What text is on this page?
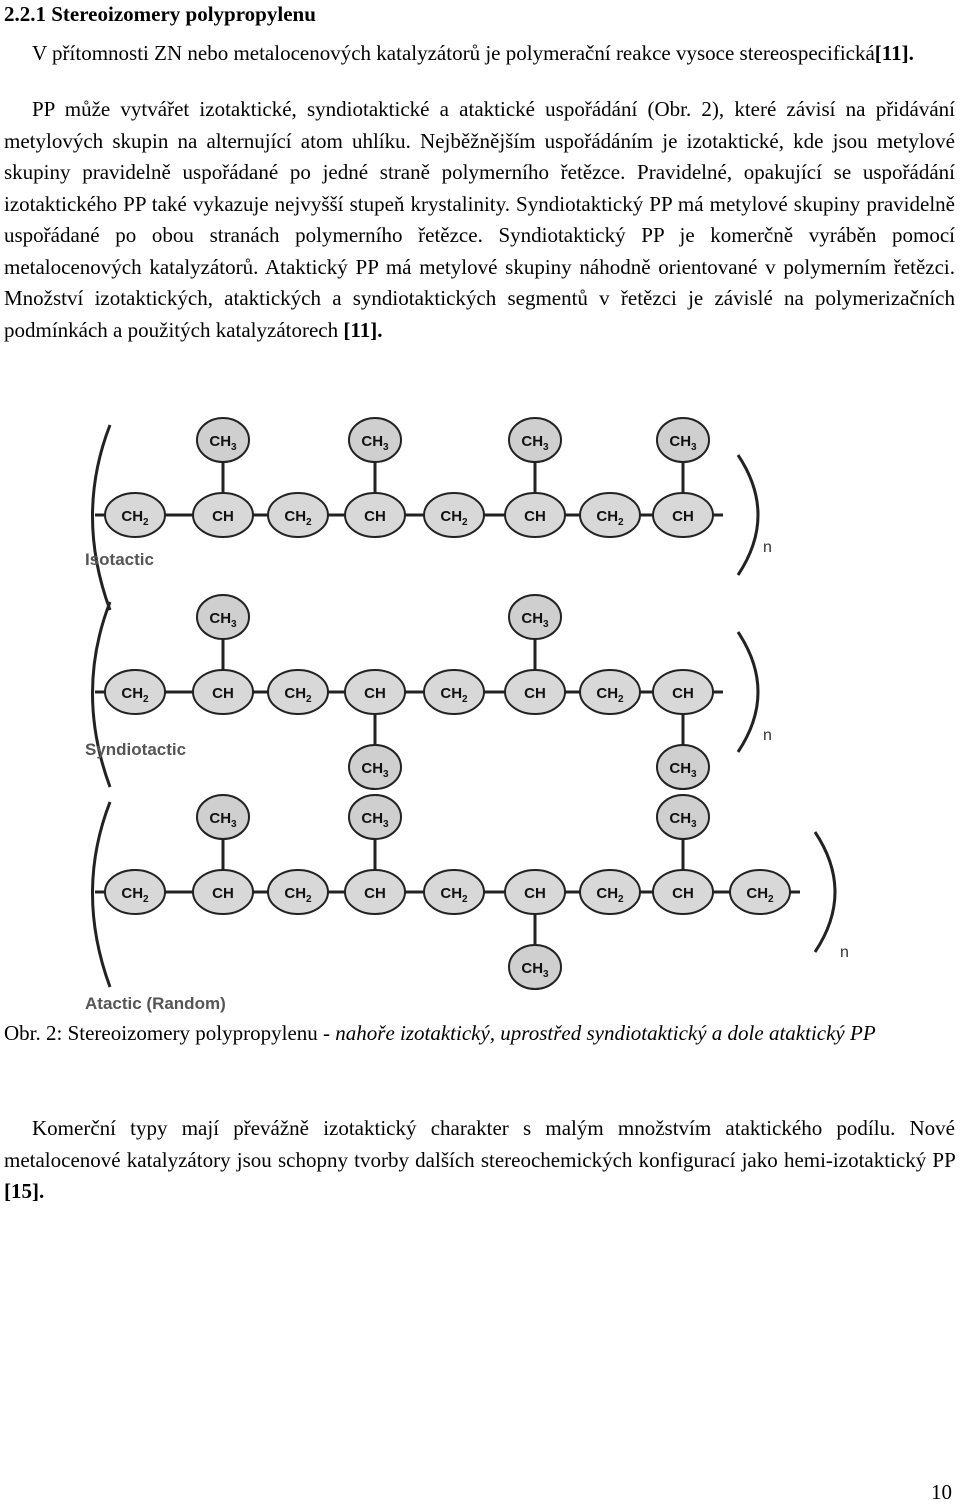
2.2.1 Stereoizomery polypropylenu

V přítomnosti ZN nebo metalocenových katalyzátorů je polymerační reakce vysoce stereospecifická[11].

PP může vytvářet izotaktické, syndiotaktické a ataktické uspořádání (Obr. 2), které závisí na přidávání metylových skupin na alternující atom uhlíku. Nejběžnějším uspořádáním je izotaktické, kde jsou metylové skupiny pravidelně uspořádané po jedné straně polymerního řetězce. Pravidelné, opakující se uspořádání izotaktického PP také vykazuje nejvyšší stupeň krystalinity. Syndiotaktický PP má metylové skupiny pravidelně uspořádané po obou stranách polymerního řetězce. Syndiotaktický PP je komerčně vyráběn pomocí metalocenových katalyzátorů. Ataktický PP má metylové skupiny náhodně orientované v polymerním řetězci. Množství izotaktických, ataktických a syndiotaktických segmentů v řetězci je závislé na polymerizačních podmínkách a použitých katalyzátorech [11].

$CH_2$	CH
$CH_3$
$CH_2$	CH
$CH_3$
$CH_2$	CH
$CH_3$
$CH_2$	CH
$CH_3$
n
Isotactic
$CH_2$	CH
$CH_3$
$CH_2$	CH
$CH_3$
$CH_2$	CH
$CH_3$
$CH_2$	CH
$CH_3$
n
Syndiotactic
$CH_2$	CH
$CH_3$
$CH_2$	CH
$CH_3$
$CH_2$	CH
$CH_3$
$CH_2$	CH
$CH_3$
$CH_2$
n
Atactic (Random)

Obr. 2: Stereoizomery polypropylenu - nahoře izotaktický, uprostřed syndiotaktický a dole ataktický PP

Komerční typy mají převážně izotaktický charakter s malým množstvím ataktického podílu. Nové metalocenové katalyzátory jsou schopny tvorby dalších stereochemických konfigurací jako hemi-izotaktický PP [15].

10
